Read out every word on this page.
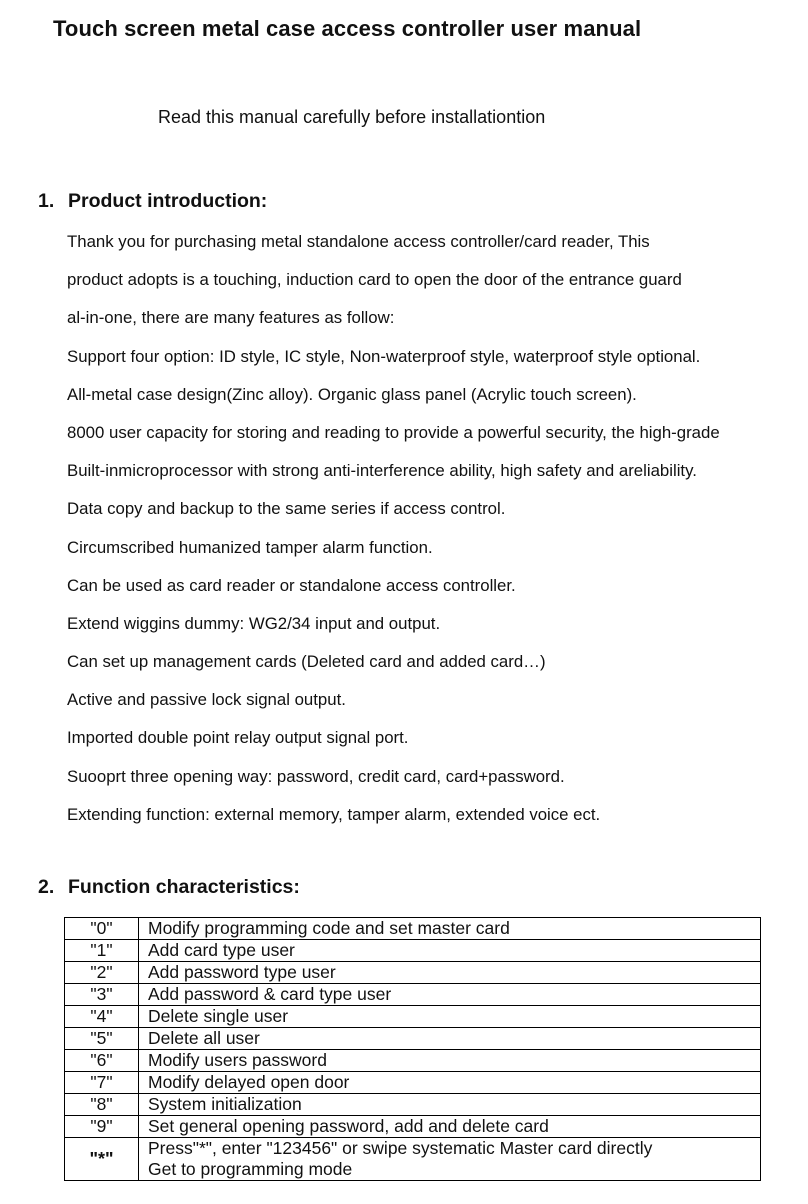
Touch screen metal case access controller user manual
Read this manual carefully before installationtion
1. Product introduction:
Thank you for purchasing metal standalone access controller/card reader, This
product adopts is a touching, induction card to open the door of the entrance guard
al-in-one, there are many features as follow:
Support four option: ID style, IC style, Non-waterproof style, waterproof style optional.
All-metal case design(Zinc alloy). Organic glass panel (Acrylic touch screen).
8000 user capacity for storing and reading to provide a powerful security, the high-grade
Built-inmicroprocessor with strong anti-interference ability, high safety and areliability.
Data copy and backup to the same series if access control.
Circumscribed humanized tamper alarm function.
Can be used as card reader or standalone access controller.
Extend wiggins dummy: WG2/34 input and output.
Can set up management cards (Deleted card and added card…)
Active and passive lock signal output.
Imported double point relay output signal port.
Suooprt three opening way: password, credit card, card+password.
Extending function: external memory, tamper alarm, extended voice ect.
2. Function characteristics:
"0"	Modify programming code and set master card
"1"	Add card type user
"2"	Add password type user
"3"	Add password & card type user
"4"	Delete single user
"5"	Delete all user
"6"	Modify users password
"7"	Modify delayed open door
"8"	System initialization
"9"	Set general opening password, add and delete card
"*"	Press"*", enter "123456" or swipe systematic Master card directly
Get to programming mode
